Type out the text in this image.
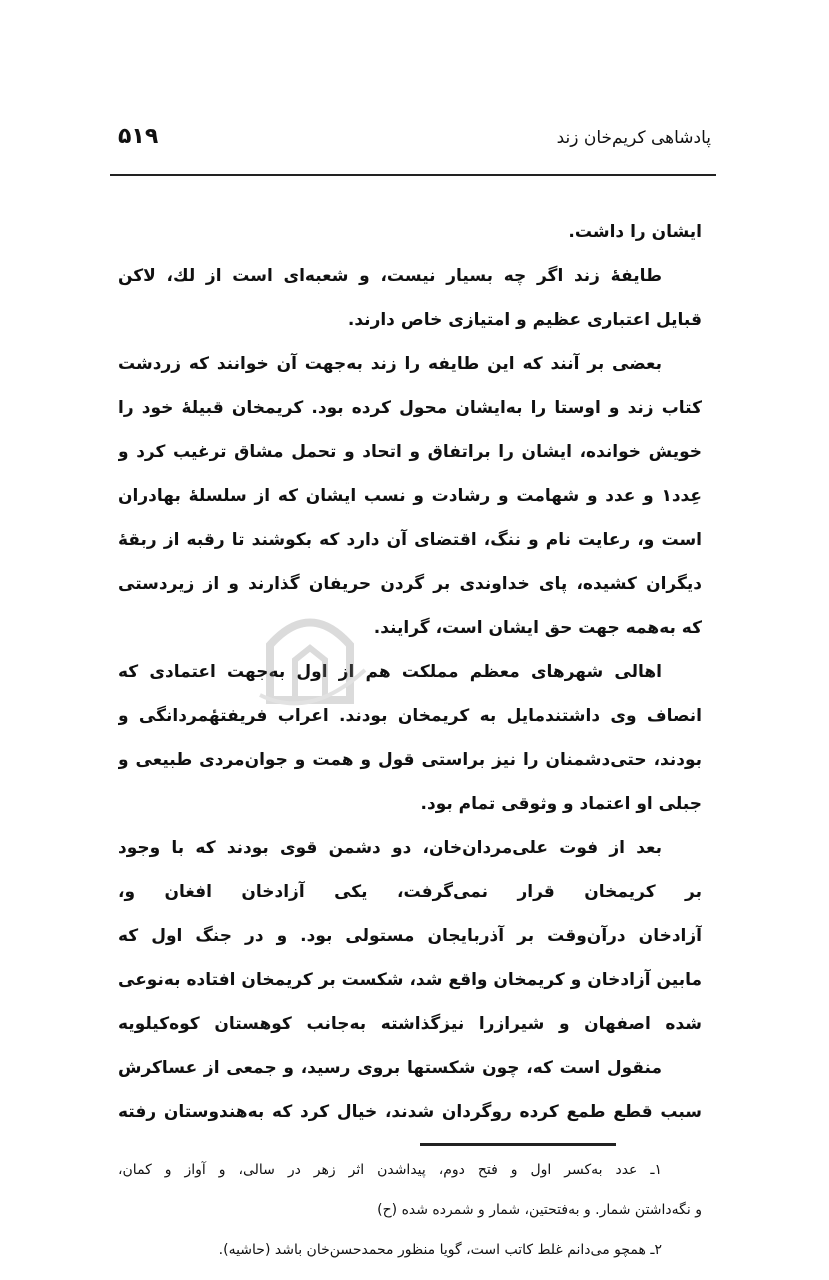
پادشاهی کریم‌خان زند
۵۱۹
ایشان را داشت.
طایفهٔ زند اگر چه بسیار نیست، و شعبه‌ای است از لك، لاکن
قبایل اعتباری عظیم و امتیازی خاص دارند.
بعضی بر آنند که این طایفه را زند به‌جهت آن خوانند که زردشت
کتاب زند و اوستا را به‌ایشان محول کرده بود. کریمخان قبیلهٔ خود را
خویش خوانده، ایشان را براتفاق و اتحاد و تحمل مشاق ترغیب کرد و
عِدد۱ و عدد و شهامت و رشادت و نسب ایشان که از سلسلهٔ بهادران
است و، رعایت نام و ننگ، اقتضای آن دارد که بکوشند تا رقبه از ربقهٔ
دیگران کشیده، پای خداوندی بر گردن حریفان گذارند و از زیردستی
که به‌همه جهت حق ایشان است، گرایند.
اهالی شهرهای معظم مملکت هم از اول به‌جهت اعتمادی که
انصاف وی داشتندمایل به کریمخان بودند. اعراب فریفتهٔمردانگی و
بودند، حتی‌دشمنان را نیز براستی قول و همت و جوان‌مردی طبیعی و
جبلی او اعتماد و وثوقی تمام بود.
بعد از فوت علی‌مردان‌خان، دو دشمن قوی بودند که با وجود
بر کریمخان قرار نمی‌گرفت، یکی آزادخان افغان و،
آزادخان درآن‌وقت بر آذربایجان مستولی بود. و در جنگ اول که
مابین آزادخان و کریمخان واقع شد، شکست بر کریمخان افتاده به‌نوعی
شده اصفهان و شیرازرا نیزگذاشته به‌جانب کوهستان کوه‌کیلویه
منقول است که، چون شکستها بروی رسید، و جمعی از عساکرش
سبب قطع طمع کرده روگردان شدند، خیال کرد که به‌هندوستان رفته
۱ـ عدد به‌کسر اول و فتح دوم، پیداشدن اثر زهر در سالی، و آواز و کمان،
و نگه‌داشتن شمار. و به‌فتحتین، شمار و شمرده شده (ح)
۲ـ همچو می‌دانم غلط کاتب است، گویا منظور محمدحسن‌خان باشد (حاشیه).
